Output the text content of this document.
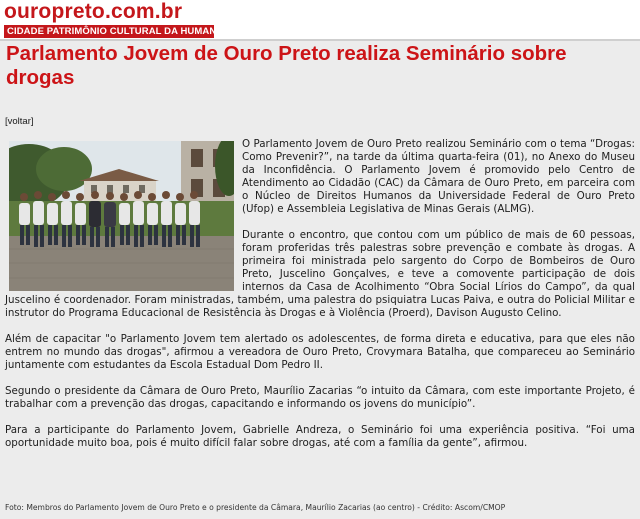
ouropreto.com.br
CIDADE PATRIMÔNIO CULTURAL DA HUMANIDADE
Parlamento Jovem de Ouro Preto realiza Seminário sobre drogas
[voltar]

O Parlamento Jovem de Ouro Preto realizou Seminário com o tema “Drogas: Como Prevenir?”, na tarde da última quarta-feira (01), no Anexo do Museu da Inconfidência. O Parlamento Jovem é promovido pelo Centro de Atendimento ao Cidadão (CAC) da Câmara de Ouro Preto, em parceira com o Núcleo de Direitos Humanos da Universidade Federal de Ouro Preto (Ufop) e Assembleia Legislativa de Minas Gerais (ALMG).

Durante o encontro, que contou com um público de mais de 60 pessoas, foram proferidas três palestras sobre prevenção e combate às drogas. A primeira foi ministrada pelo sargento do Corpo de Bombeiros de Ouro Preto, Juscelino Gonçalves, e teve a comovente participação de dois internos da Casa de Acolhimento “Obra Social Lírios do Campo”, da qual Juscelino é coordenador. Foram ministradas, também, uma palestra do psiquiatra Lucas Paiva, e outra do Policial Militar e instrutor do Programa Educacional de Resistência às Drogas e à Violência (Proerd), Davison Augusto Celino.

Além de capacitar "o Parlamento Jovem tem alertado os adolescentes, de forma direta e educativa, para que eles não entrem no mundo das drogas", afirmou a vereadora de Ouro Preto, Crovymara Batalha, que compareceu ao Seminário juntamente com estudantes da Escola Estadual Dom Pedro II.

Segundo o presidente da Câmara de Ouro Preto, Maurílio Zacarias “o intuito da Câmara, com este importante Projeto, é trabalhar com a prevenção das drogas, capacitando e informando os jovens do município”.

Para a participante do Parlamento Jovem, Gabrielle Andreza, o Seminário foi uma experiência positiva. “Foi uma oportunidade muito boa, pois é muito difícil falar sobre drogas, até com a família da gente”, afirmou.

Foto: Membros do Parlamento Jovem de Ouro Preto e o presidente da Câmara, Maurílio Zacarias (ao centro) - Crédito: Ascom/CMOP
